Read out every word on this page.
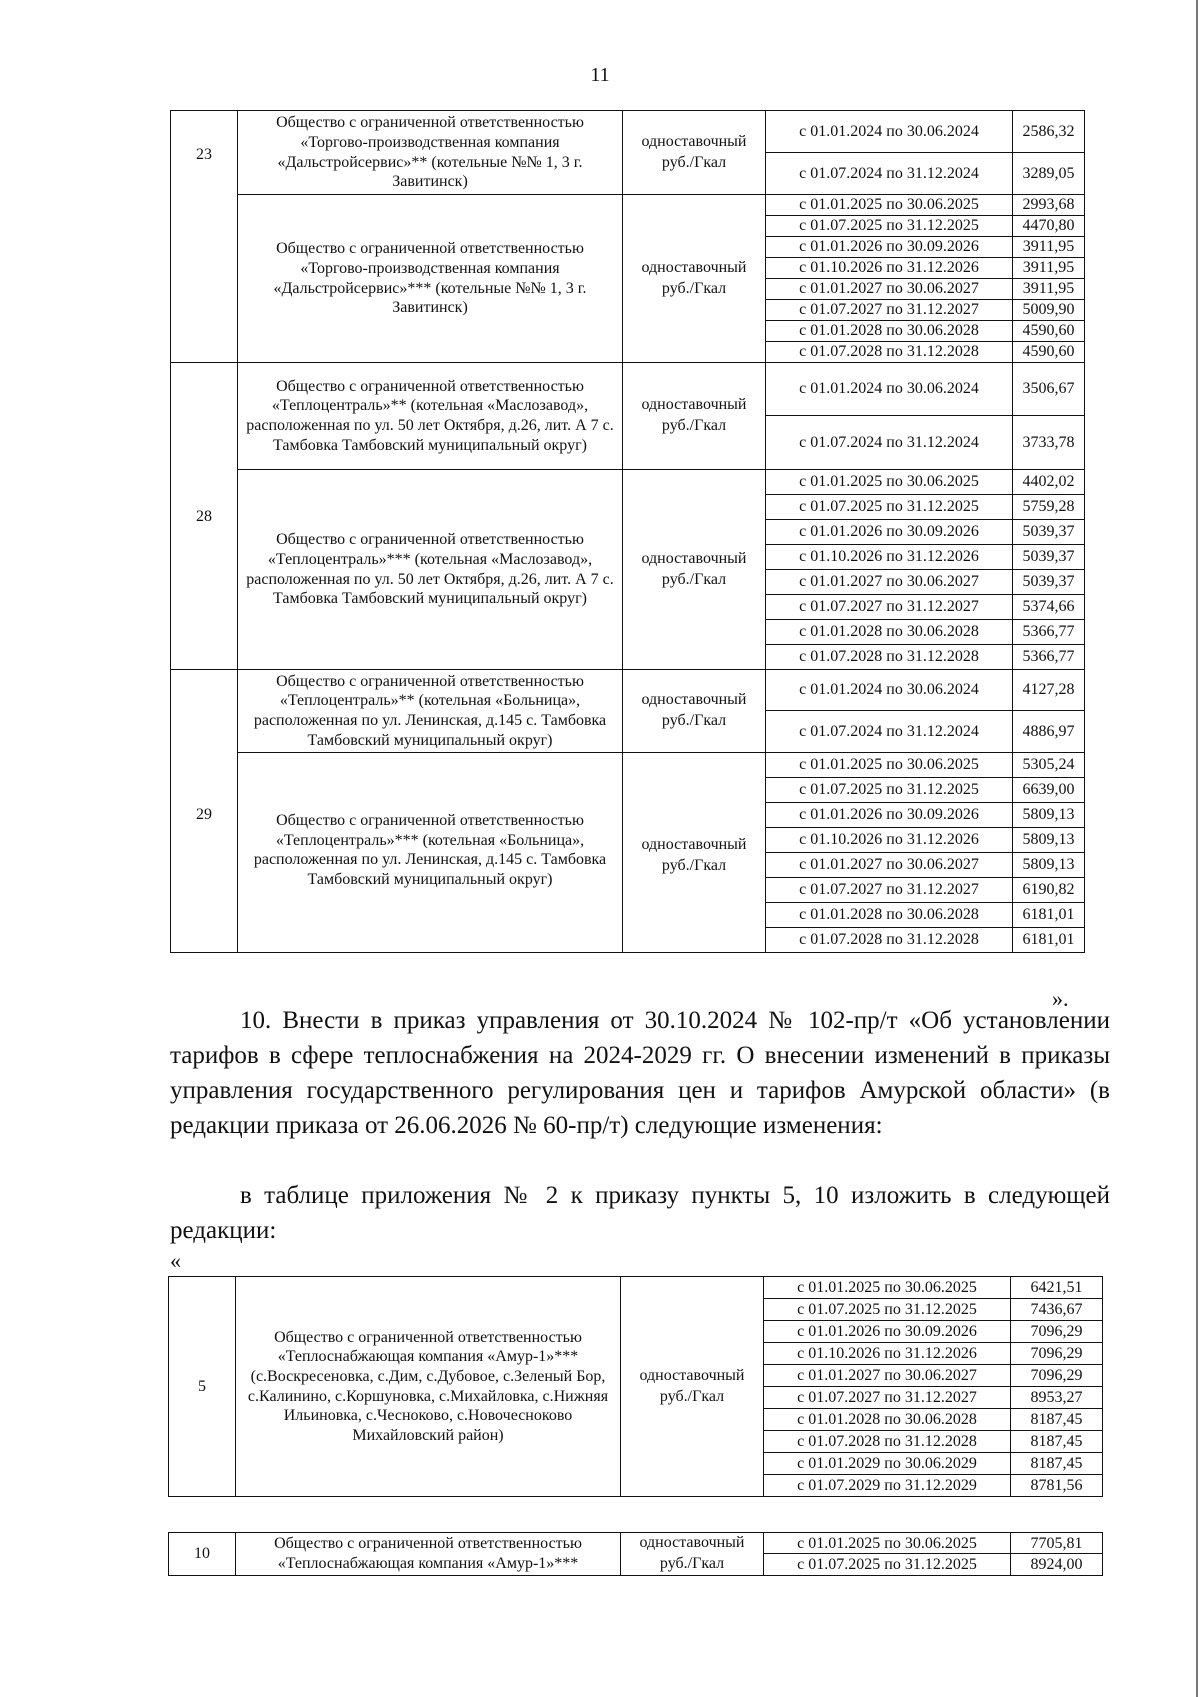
11
23	Общество с ограниченной ответственностью «Торгово-производственная компания «Дальстройсервис»** (котельные №№ 1, 3 г. Завитинск)	одноставочный руб./Гкал	с 01.01.2024 по 30.06.2024	2586,32
			с 01.07.2024 по 31.12.2024	3289,05
	Общество с ограниченной ответственностью «Торгово-производственная компания «Дальстройсервис»*** (котельные №№ 1, 3 г. Завитинск)	одноставочный руб./Гкал	с 01.01.2025 по 30.06.2025	2993,68
			с 01.07.2025 по 31.12.2025	4470,80
			с 01.01.2026 по 30.09.2026	3911,95
			с 01.10.2026 по 31.12.2026	3911,95
			с 01.01.2027 по 30.06.2027	3911,95
			с 01.07.2027 по 31.12.2027	5009,90
			с 01.01.2028 по 30.06.2028	4590,60
			с 01.07.2028 по 31.12.2028	4590,60
28	Общество с ограниченной ответственностью «Теплоцентраль»** (котельная «Маслозавод», расположенная по ул. 50 лет Октября, д.26, лит. А 7 с. Тамбовка Тамбовский муниципальный округ)	одноставочный руб./Гкал	с 01.01.2024 по 30.06.2024	3506,67
			с 01.07.2024 по 31.12.2024	3733,78
	Общество с ограниченной ответственностью «Теплоцентраль»*** (котельная «Маслозавод», расположенная по ул. 50 лет Октября, д.26, лит. А 7 с. Тамбовка Тамбовский муниципальный округ)	одноставочный руб./Гкал	с 01.01.2025 по 30.06.2025	4402,02
			с 01.07.2025 по 31.12.2025	5759,28
			с 01.01.2026 по 30.09.2026	5039,37
			с 01.10.2026 по 31.12.2026	5039,37
			с 01.01.2027 по 30.06.2027	5039,37
			с 01.07.2027 по 31.12.2027	5374,66
			с 01.01.2028 по 30.06.2028	5366,77
			с 01.07.2028 по 31.12.2028	5366,77
29	Общество с ограниченной ответственностью «Теплоцентраль»** (котельная «Больница», расположенная по ул. Ленинская, д.145 с. Тамбовка Тамбовский муниципальный округ)	одноставочный руб./Гкал	с 01.01.2024 по 30.06.2024	4127,28
			с 01.07.2024 по 31.12.2024	4886,97
	Общество с ограниченной ответственностью «Теплоцентраль»*** (котельная «Больница», расположенная по ул. Ленинская, д.145 с. Тамбовка Тамбовский муниципальный округ)	одноставочный руб./Гкал	с 01.01.2025 по 30.06.2025	5305,24
			с 01.07.2025 по 31.12.2025	6639,00
			с 01.01.2026 по 30.09.2026	5809,13
			с 01.10.2026 по 31.12.2026	5809,13
			с 01.01.2027 по 30.06.2027	5809,13
			с 01.07.2027 по 31.12.2027	6190,82
			с 01.01.2028 по 30.06.2028	6181,01
			с 01.07.2028 по 31.12.2028	6181,01
».

10. Внести в приказ управления от 30.10.2024 № 102-пр/т «Об установлении тарифов в сфере теплоснабжения на 2024-2029 гг. О внесении изменений в приказы управления государственного регулирования цен и тарифов Амурской области» (в редакции приказа от 26.06.2026 № 60-пр/т) следующие изменения:

в таблице приложения № 2 к приказу пункты 5, 10 изложить в следующей редакции:

«
5	Общество с ограниченной ответственностью «Теплоснабжающая компания «Амур-1»*** (с.Воскресеновка, с.Дим, с.Дубовое, с.Зеленый Бор, с.Калинино, с.Коршуновка, с.Михайловка, с.Нижняя Ильиновка, с.Чесноково, с.Новочесноково Михайловский район)	одноставочный руб./Гкал	с 01.01.2025 по 30.06.2025	6421,51
			с 01.07.2025 по 31.12.2025	7436,67
			с 01.01.2026 по 30.09.2026	7096,29
			с 01.10.2026 по 31.12.2026	7096,29
			с 01.01.2027 по 30.06.2027	7096,29
			с 01.07.2027 по 31.12.2027	8953,27
			с 01.01.2028 по 30.06.2028	8187,45
			с 01.07.2028 по 31.12.2028	8187,45
			с 01.01.2029 по 30.06.2029	8187,45
			с 01.07.2029 по 31.12.2029	8781,56
10	Общество с ограниченной ответственностью «Теплоснабжающая компания «Амур-1»***	одноставочный руб./Гкал	с 01.01.2025 по 30.06.2025	7705,81
			с 01.07.2025 по 31.12.2025	8924,00
